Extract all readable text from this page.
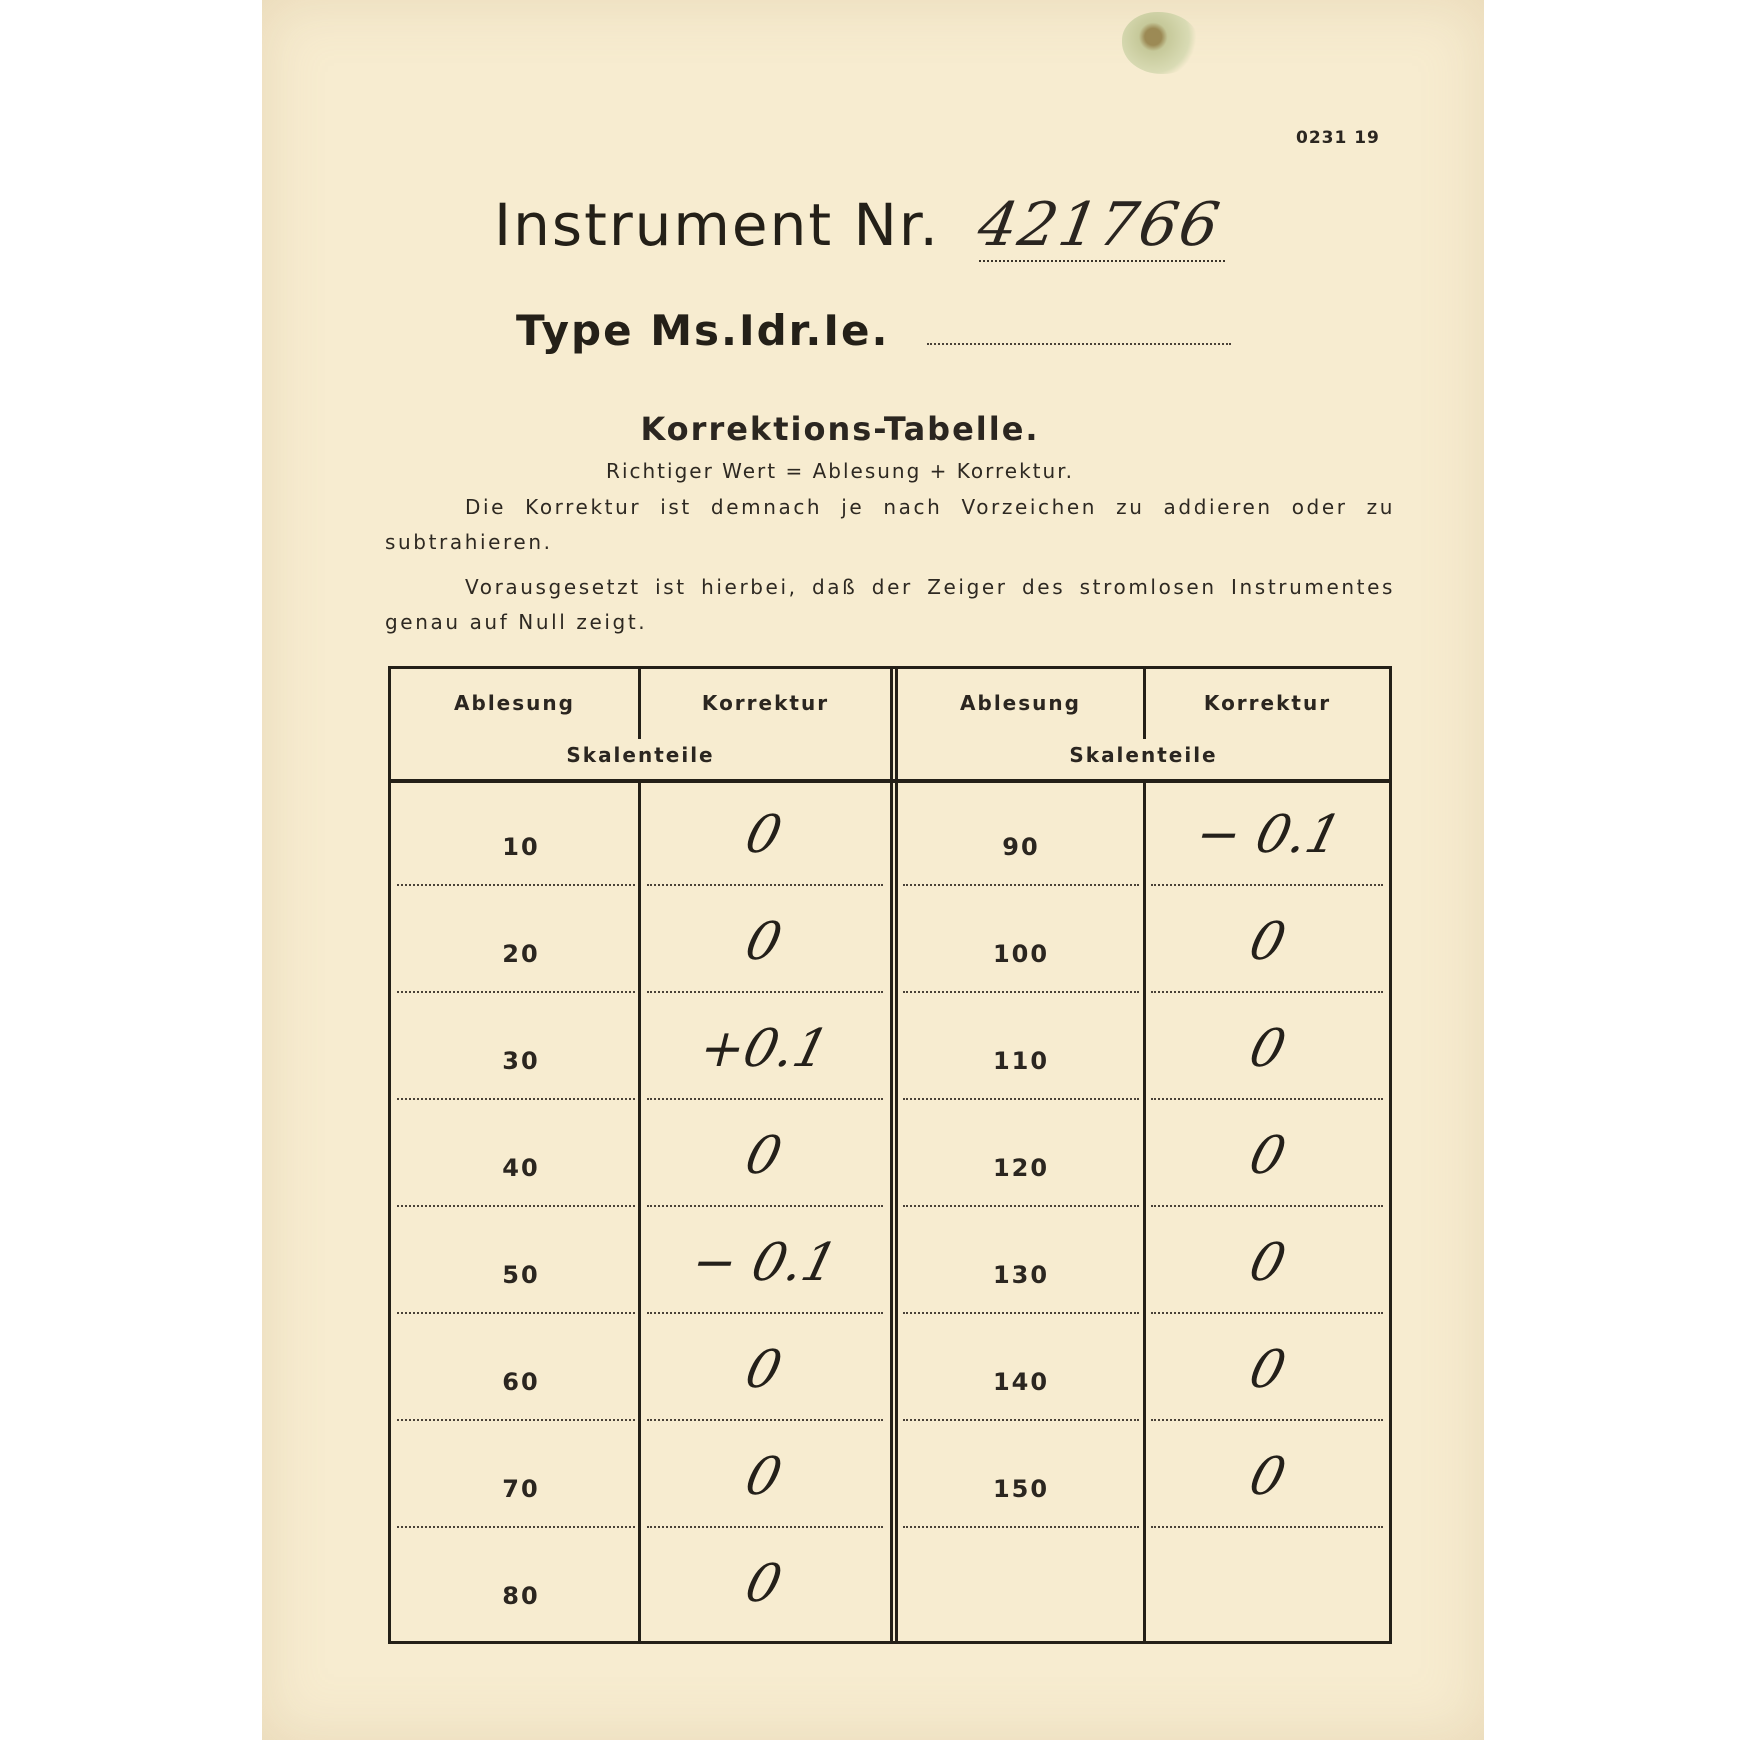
0231 19
Instrument Nr. 421766
Type Ms.Idr.Ie.
Korrektions-Tabelle.
Richtiger Wert = Ablesung + Korrektur.
Die Korrektur ist demnach je nach Vorzeichen zu addieren oder zu subtrahieren.
Vorausgesetzt ist hierbei, daß der Zeiger des stromlosen Instrumentes genau auf Null zeigt.
Ablesung	Korrektur
Skalenteile
Ablesung	Korrektur
Skalenteile
10	0
20	0
30	+0.1
40	0
50	− 0.1
60	0
70	0
80	0
90	− 0.1
100	0
110	0
120	0
130	0
140	0
150	0
